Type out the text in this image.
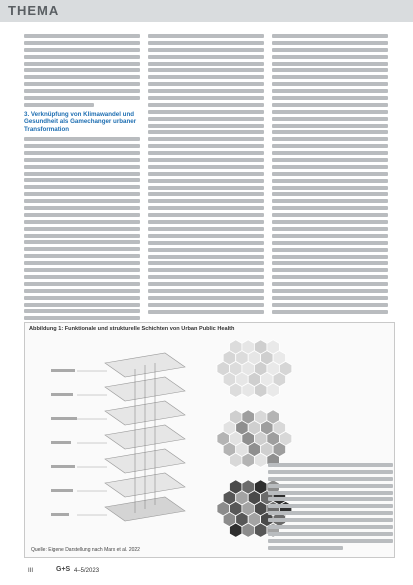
THEMA
3. Verknüpfung von Klimawandel und Gesundheit als Gamechanger urbaner Transformation
Abbildung 1: Funktionale und strukturelle Schichten von Urban Public Health
Quelle: Eigene Darstellung nach Marx et al. 2022
III	G+S 4–5/2023
